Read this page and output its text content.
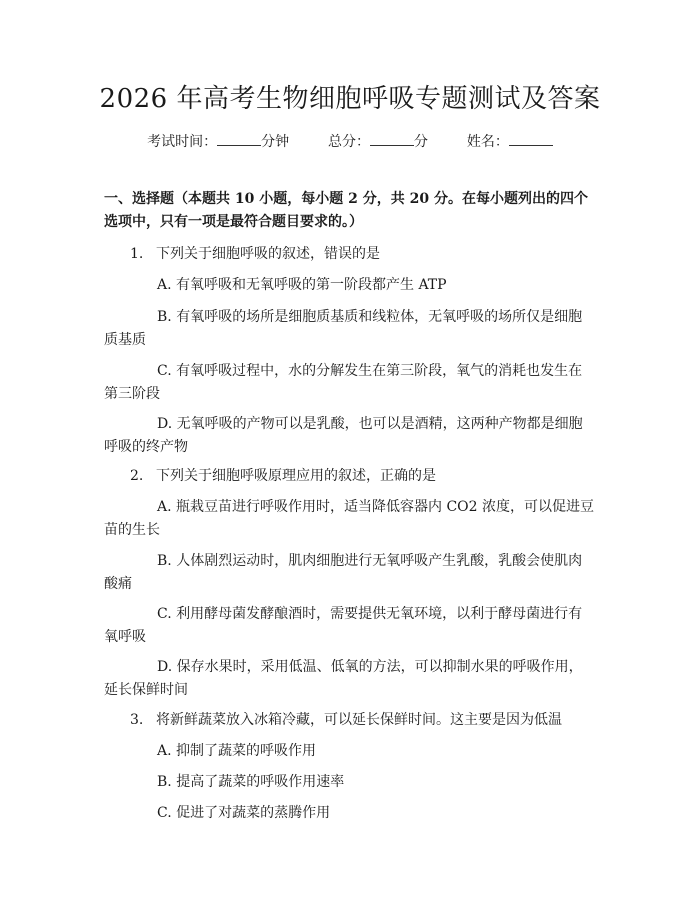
2026 年高考生物细胞呼吸专题测试及答案
考试时间：	分钟	总分：	分	姓名：
一、选择题（本题共 10 小题，每小题 2 分，共 20 分。在每小题列出的四个选项中，只有一项是最符合题目要求的。）
1. 下列关于细胞呼吸的叙述，错误的是
A. 有氧呼吸和无氧呼吸的第一阶段都产生 ATP
B. 有氧呼吸的场所是细胞质基质和线粒体，无氧呼吸的场所仅是细胞质基质
C. 有氧呼吸过程中，水的分解发生在第三阶段，氧气的消耗也发生在第三阶段
D. 无氧呼吸的产物可以是乳酸，也可以是酒精，这两种产物都是细胞呼吸的终产物
2. 下列关于细胞呼吸原理应用的叙述，正确的是
A. 瓶栽豆苗进行呼吸作用时，适当降低容器内 CO2 浓度，可以促进豆苗的生长
B. 人体剧烈运动时，肌肉细胞进行无氧呼吸产生乳酸，乳酸会使肌肉酸痛
C. 利用酵母菌发酵酿酒时，需要提供无氧环境，以利于酵母菌进行有氧呼吸
D. 保存水果时，采用低温、低氧的方法，可以抑制水果的呼吸作用，延长保鲜时间
3. 将新鲜蔬菜放入冰箱冷藏，可以延长保鲜时间。这主要是因为低温
A. 抑制了蔬菜的呼吸作用
B. 提高了蔬菜的呼吸作用速率
C. 促进了对蔬菜的蒸腾作用
